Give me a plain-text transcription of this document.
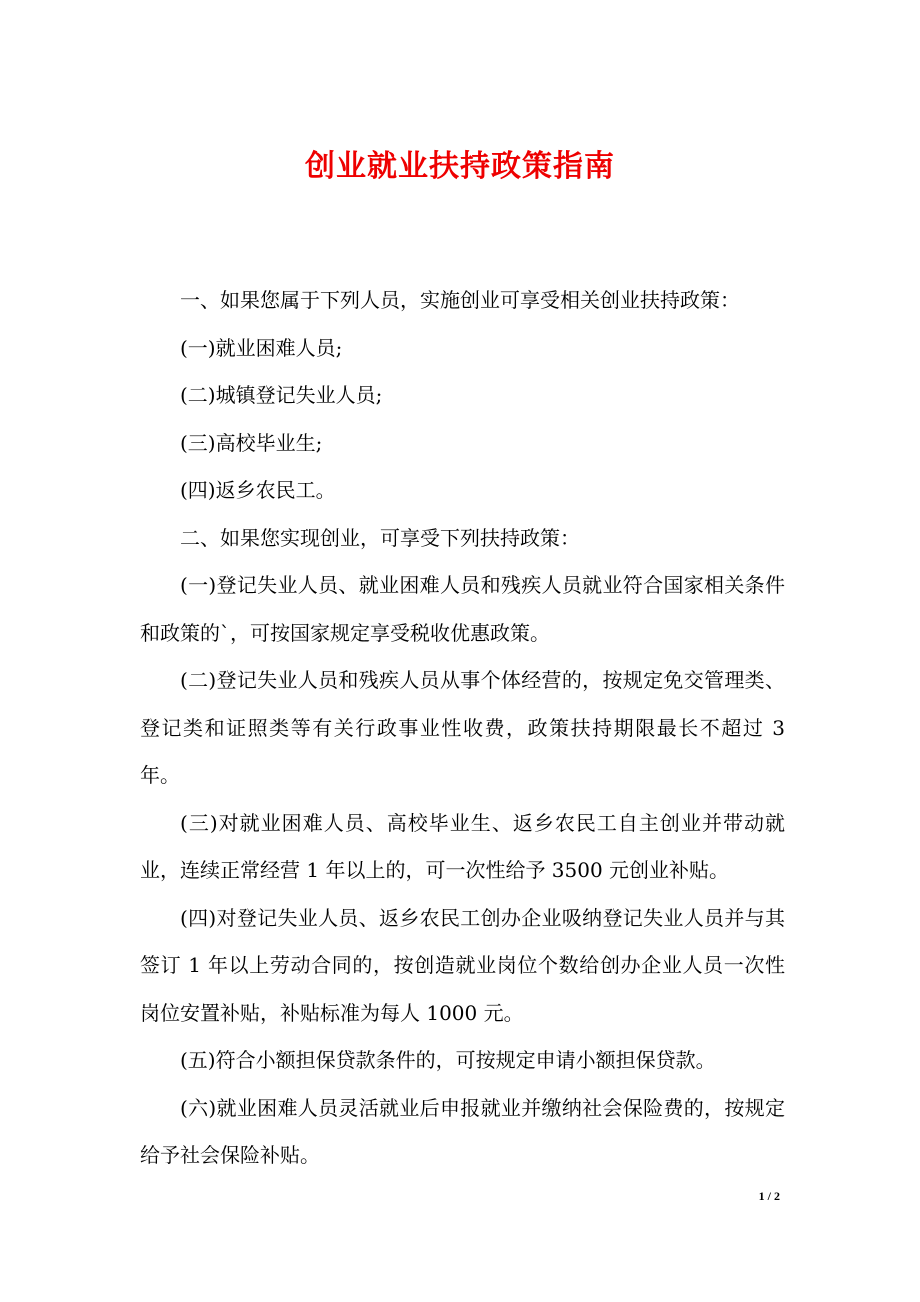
创业就业扶持政策指南

一、如果您属于下列人员，实施创业可享受相关创业扶持政策：

(一)就业困难人员;

(二)城镇登记失业人员;

(三)高校毕业生;

(四)返乡农民工。

二、如果您实现创业，可享受下列扶持政策：

(一)登记失业人员、就业困难人员和残疾人员就业符合国家相关条件和政策的`，可按国家规定享受税收优惠政策。

(二)登记失业人员和残疾人员从事个体经营的，按规定免交管理类、登记类和证照类等有关行政事业性收费，政策扶持期限最长不超过 3 年。

(三)对就业困难人员、高校毕业生、返乡农民工自主创业并带动就业，连续正常经营 1 年以上的，可一次性给予 3500 元创业补贴。

(四)对登记失业人员、返乡农民工创办企业吸纳登记失业人员并与其签订 1 年以上劳动合同的，按创造就业岗位个数给创办企业人员一次性岗位安置补贴，补贴标准为每人 1000 元。

(五)符合小额担保贷款条件的，可按规定申请小额担保贷款。

(六)就业困难人员灵活就业后申报就业并缴纳社会保险费的，按规定给予社会保险补贴。

1 / 2
